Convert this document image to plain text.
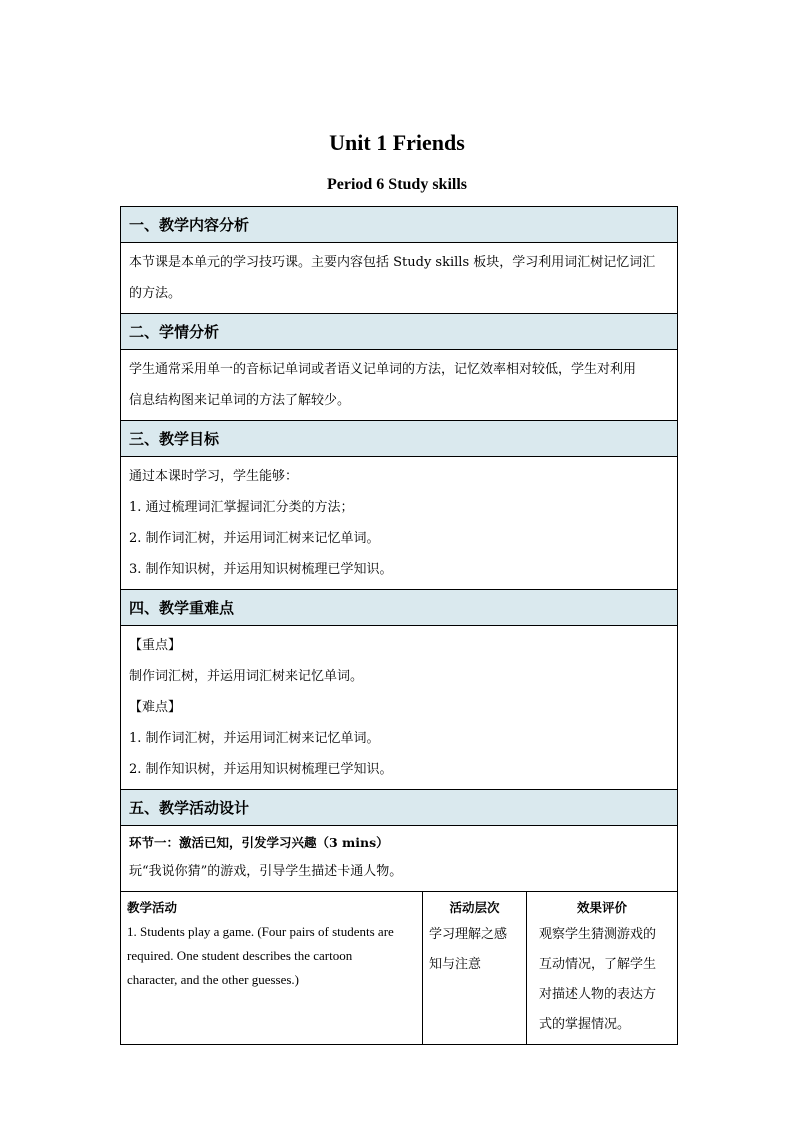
Unit 1 Friends
Period 6 Study skills
一、教学内容分析
本节课是本单元的学习技巧课。主要内容包括 Study skills 板块，学习利用词汇树记忆词汇
的方法。
二、学情分析
学生通常采用单一的音标记单词或者语义记单词的方法，记忆效率相对较低，学生对利用
信息结构图来记单词的方法了解较少。
三、教学目标
通过本课时学习，学生能够：
1. 通过梳理词汇掌握词汇分类的方法；
2. 制作词汇树，并运用词汇树来记忆单词。
3. 制作知识树，并运用知识树梳理已学知识。
四、教学重难点
【重点】
制作词汇树，并运用词汇树来记忆单词。
【难点】
1. 制作词汇树，并运用词汇树来记忆单词。
2. 制作知识树，并运用知识树梳理已学知识。
五、教学活动设计
环节一：激活已知，引发学习兴趣（3 mins）
玩“我说你猜”的游戏，引导学生描述卡通人物。
教学活动
1. Students play a game. (Four pairs of students are
required. One student describes the cartoon
character, and the other guesses.)
活动层次
学习理解之感
知与注意
效果评价
观察学生猜测游戏的
互动情况，了解学生
对描述人物的表达方
式的掌握情况。
